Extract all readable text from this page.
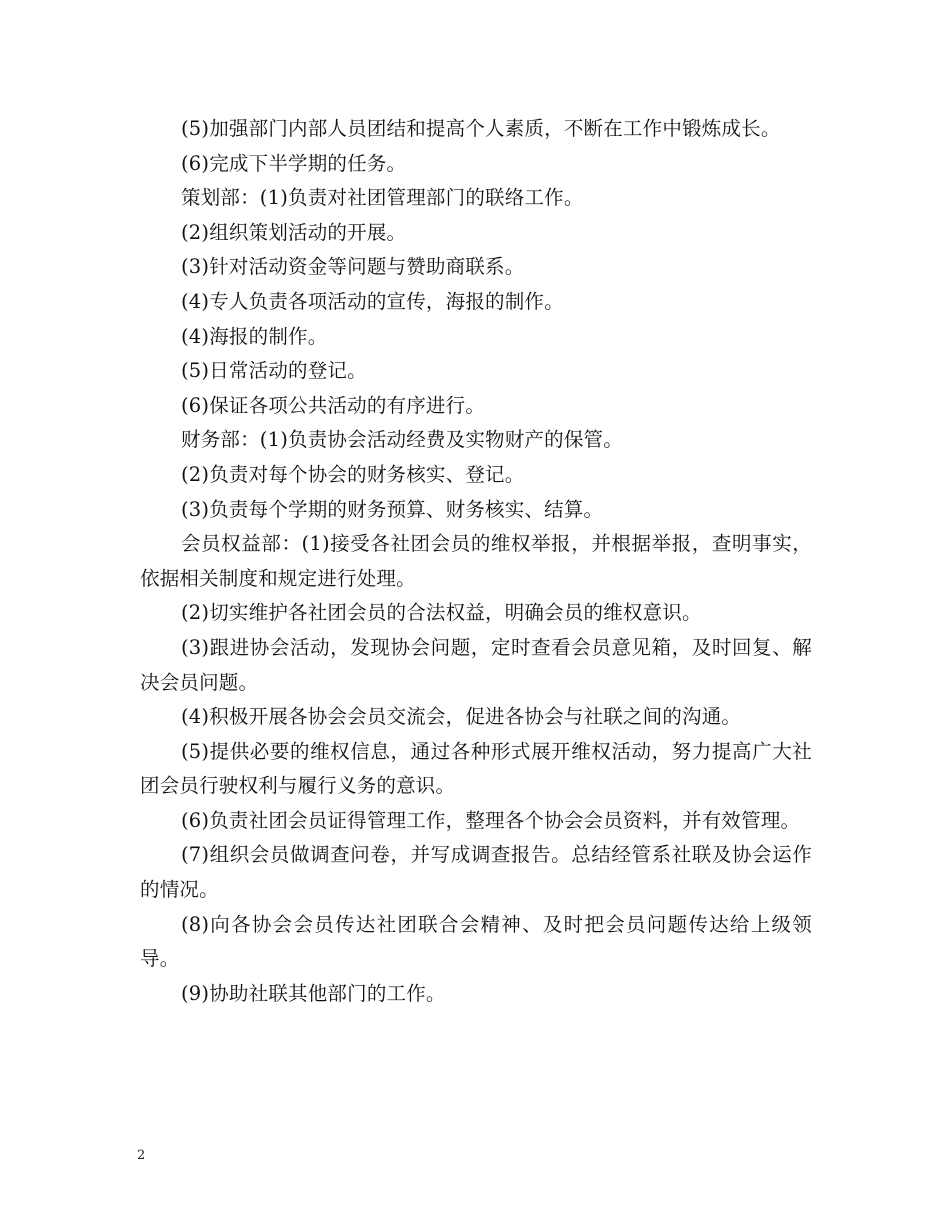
(5)加强部门内部人员团结和提高个人素质，不断在工作中锻炼成长。

(6)完成下半学期的任务。

策划部：(1)负责对社团管理部门的联络工作。

(2)组织策划活动的开展。

(3)针对活动资金等问题与赞助商联系。

(4)专人负责各项活动的宣传，海报的制作。

(4)海报的制作。

(5)日常活动的登记。

(6)保证各项公共活动的有序进行。

财务部：(1)负责协会活动经费及实物财产的保管。

(2)负责对每个协会的财务核实、登记。

(3)负责每个学期的财务预算、财务核实、结算。

会员权益部：(1)接受各社团会员的维权举报，并根据举报，查明事实，依据相关制度和规定进行处理。

(2)切实维护各社团会员的合法权益，明确会员的维权意识。

(3)跟进协会活动，发现协会问题，定时查看会员意见箱，及时回复、解决会员问题。

(4)积极开展各协会会员交流会，促进各协会与社联之间的沟通。

(5)提供必要的维权信息，通过各种形式展开维权活动，努力提高广大社团会员行驶权利与履行义务的意识。

(6)负责社团会员证得管理工作，整理各个协会会员资料，并有效管理。

(7)组织会员做调查问卷，并写成调查报告。总结经管系社联及协会运作的情况。

(8)向各协会会员传达社团联合会精神、及时把会员问题传达给上级领导。

(9)协助社联其他部门的工作。

2
